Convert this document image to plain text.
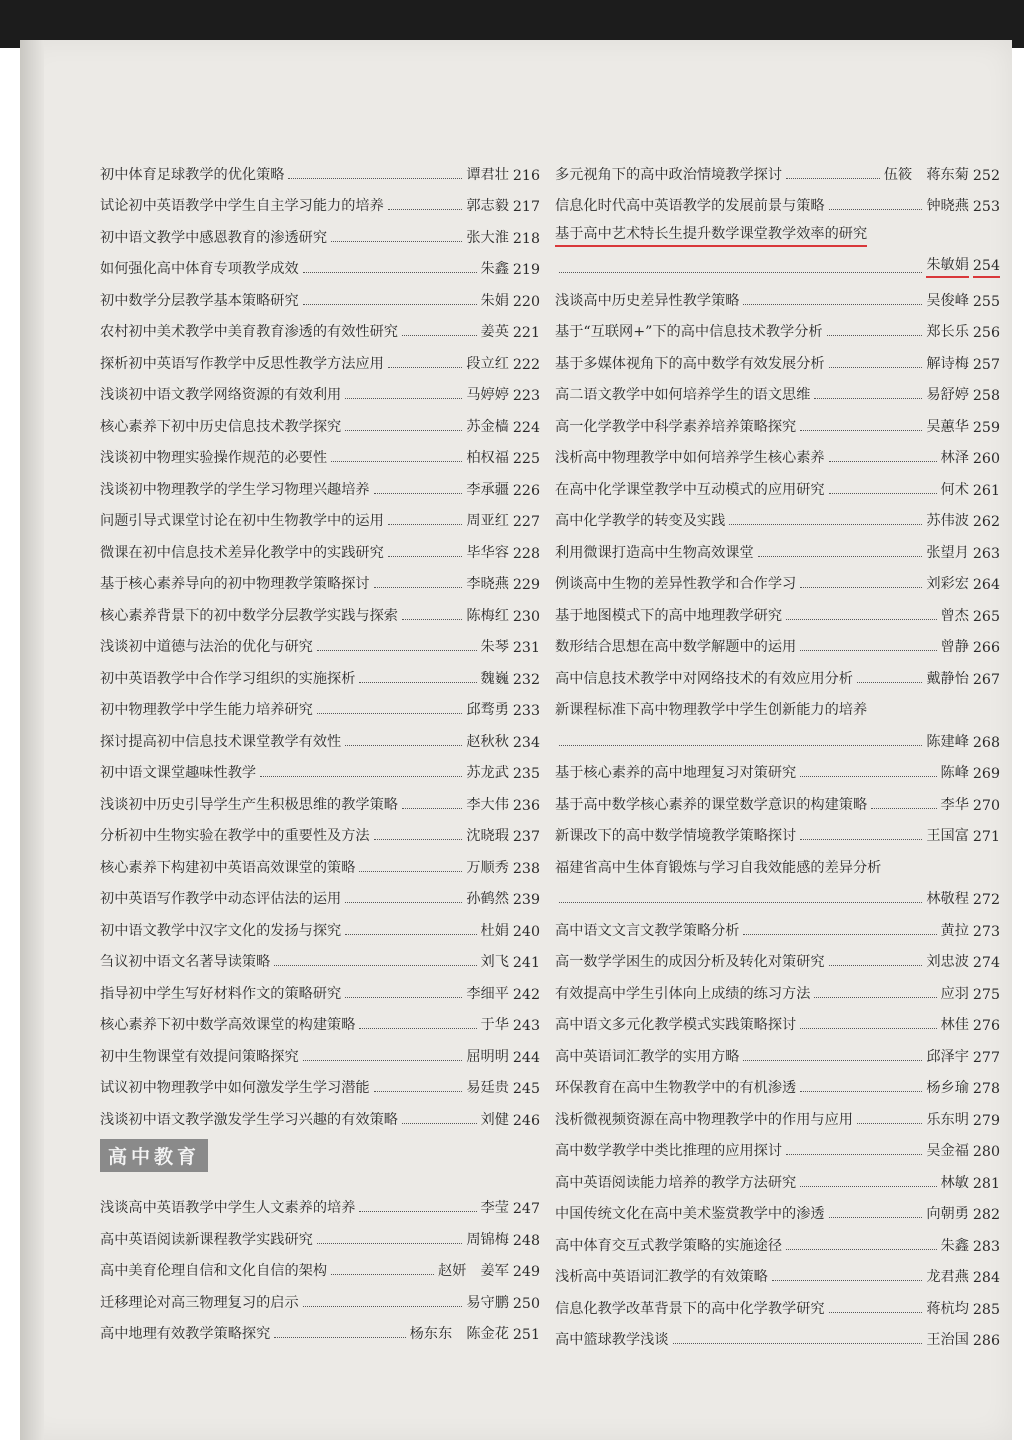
初中体育足球教学的优化策略	谭君壮 216
试论初中英语教学中学生自主学习能力的培养	郭志毅 217
初中语文教学中感恩教育的渗透研究	张大淮 218
如何强化高中体育专项教学成效	朱鑫 219
初中数学分层教学基本策略研究	朱娟 220
农村初中美术教学中美育教育渗透的有效性研究	姜英 221
探析初中英语写作教学中反思性教学方法应用	段立红 222
浅谈初中语文教学网络资源的有效利用	马婷婷 223
核心素养下初中历史信息技术教学探究	苏金樯 224
浅谈初中物理实验操作规范的必要性	柏权福 225
浅谈初中物理教学的学生学习物理兴趣培养	李承疆 226
问题引导式课堂讨论在初中生物教学中的运用	周亚红 227
微课在初中信息技术差异化教学中的实践研究	毕华容 228
基于核心素养导向的初中物理教学策略探讨	李晓燕 229
核心素养背景下的初中数学分层教学实践与探索	陈梅红 230
浅谈初中道德与法治的优化与研究	朱琴 231
初中英语教学中合作学习组织的实施探析	魏巍 232
初中物理教学中学生能力培养研究	邱骛勇 233
探讨提高初中信息技术课堂教学有效性	赵秋秋 234
初中语文课堂趣味性教学	苏龙武 235
浅谈初中历史引导学生产生积极思维的教学策略	李大伟 236
分析初中生物实验在教学中的重要性及方法	沈晓瑕 237
核心素养下构建初中英语高效课堂的策略	万顺秀 238
初中英语写作教学中动态评估法的运用	孙鹤然 239
初中语文教学中汉字文化的发扬与探究	杜娟 240
刍议初中语文名著导读策略	刘飞 241
指导初中学生写好材料作文的策略研究	李细平 242
核心素养下初中数学高效课堂的构建策略	于华 243
初中生物课堂有效提问策略探究	屈明明 244
试议初中物理教学中如何激发学生学习潜能	易廷贵 245
浅谈初中语文教学激发学生学习兴趣的有效策略	刘健 246
高中教育
浅谈高中英语教学中学生人文素养的培养	李莹 247
高中英语阅读新课程教学实践研究	周锦梅 248
高中美育伦理自信和文化自信的架构	赵妍　姜军 249
迁移理论对高三物理复习的启示	易守鹏 250
高中地理有效教学策略探究	杨东东　陈金花 251
多元视角下的高中政治情境教学探讨	伍筱　蒋东菊 252
信息化时代高中英语教学的发展前景与策略	钟晓燕 253
基于高中艺术特长生提升数学课堂教学效率的研究
朱敏娟 254
浅谈高中历史差异性教学策略	吴俊峰 255
基于“互联网+”下的高中信息技术教学分析	郑长乐 256
基于多媒体视角下的高中数学有效发展分析	解诗梅 257
高二语文教学中如何培养学生的语文思维	易舒婷 258
高一化学教学中科学素养培养策略探究	吴蕙华 259
浅析高中物理教学中如何培养学生核心素养	林泽 260
在高中化学课堂教学中互动模式的应用研究	何术 261
高中化学教学的转变及实践	苏伟波 262
利用微课打造高中生物高效课堂	张望月 263
例谈高中生物的差异性教学和合作学习	刘彩宏 264
基于地图模式下的高中地理教学研究	曾杰 265
数形结合思想在高中数学解题中的运用	曾静 266
高中信息技术教学中对网络技术的有效应用分析	戴静怡 267
新课程标准下高中物理教学中学生创新能力的培养
陈建峰 268
基于核心素养的高中地理复习对策研究	陈峰 269
基于高中数学核心素养的课堂数学意识的构建策略	李华 270
新课改下的高中数学情境教学策略探讨	王国富 271
福建省高中生体育锻炼与学习自我效能感的差异分析
林敬程 272
高中语文文言文教学策略分析	黄拉 273
高一数学学困生的成因分析及转化对策研究	刘忠波 274
有效提高中学生引体向上成绩的练习方法	应羽 275
高中语文多元化教学模式实践策略探讨	林佳 276
高中英语词汇教学的实用方略	邱泽宇 277
环保教育在高中生物教学中的有机渗透	杨乡瑜 278
浅析微视频资源在高中物理教学中的作用与应用	乐东明 279
高中数学教学中类比推理的应用探讨	吴金福 280
高中英语阅读能力培养的教学方法研究	林敏 281
中国传统文化在高中美术鉴赏教学中的渗透	向朝勇 282
高中体育交互式教学策略的实施途径	朱鑫 283
浅析高中英语词汇教学的有效策略	龙君燕 284
信息化教学改革背景下的高中化学教学研究	蒋杭均 285
高中篮球教学浅谈	王治国 286
